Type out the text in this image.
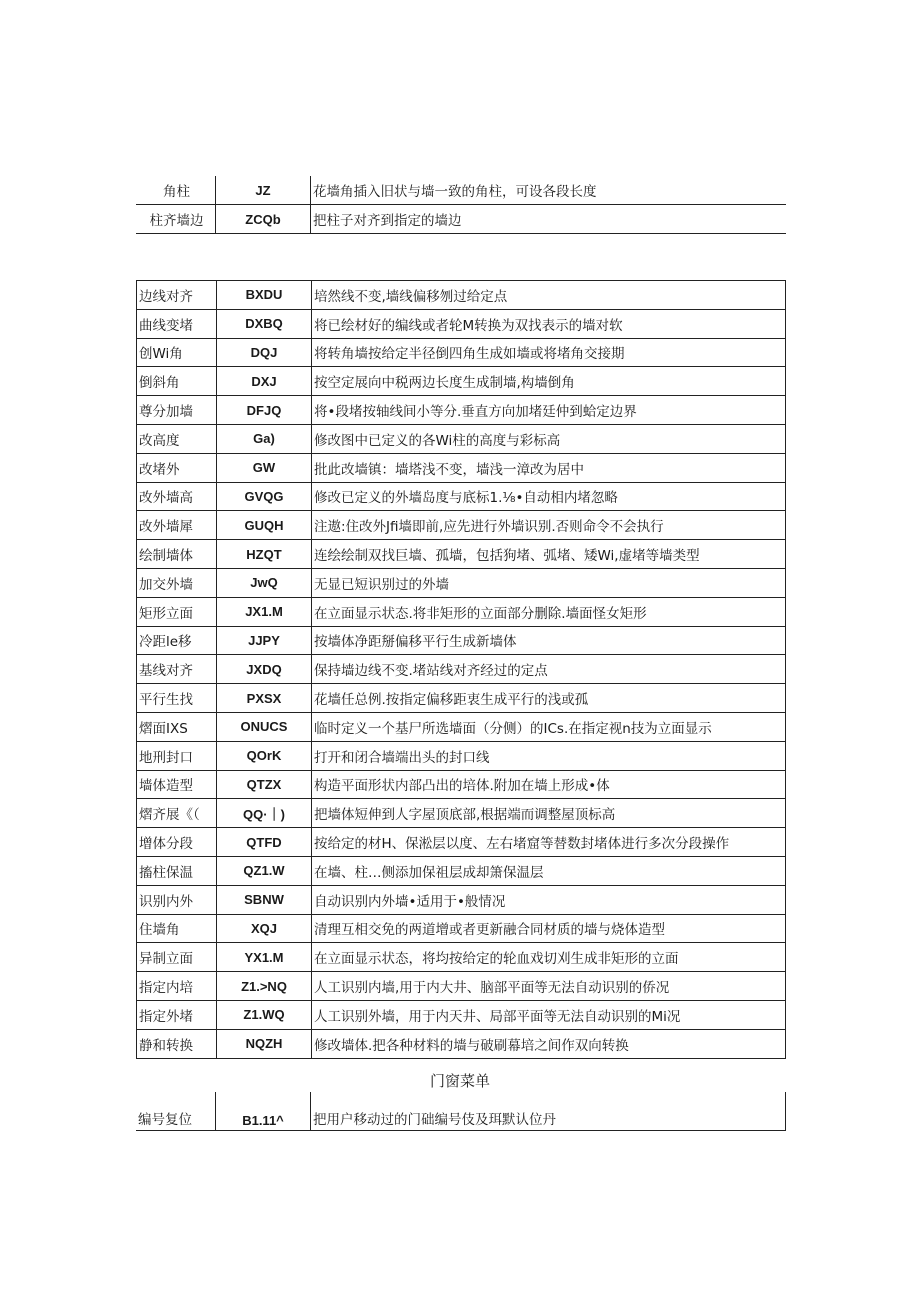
角柱	JZ	花墙角插入旧状与墙一致的角柱，可设各段长度
柱齐墙边	ZCQb	把柱子对齐到指定的墙边
边线对齐	BXDU	培然线不变,墙线偏移刎过给定点
曲线变堵	DXBQ	将已绘材好的编线或者轮M转换为双找表示的墙对软
创Wi角	DQJ	将转角墙按给定半径倒四角生成如墙或将堵角交接期
倒斜角	DXJ	按空定展向中税两边长度生成制墙,构墙倒角
尊分加墙	DFJQ	将•段堵按轴线间小等分.垂直方向加堵廷仲到蛤定边界
改高度	Ga)	修改图中已定义的各Wi柱的高度与彩标高
改堵外	GW	批此改墙镇：墙塔浅不变，墙浅一漳改为居中
改外墙高	GVQG	修改已定义的外墙岛度与底标1.⅛•自动相内堵忽略
改外墙犀	GUQH	注遨:住改外Jfi墙即前,应先进行外墙识别.否则命令不会执行
绘制墙体	HZQT	连绘绘制双找巨墙、孤墙，包括狗堵、弧堵、矮Wi,虚堵等墙类型
加交外墙	JwQ	无显已短识别过的外墙
矩形立面	JX1.M	在立面显示状态.将非矩形的立面部分删除.墙面怪女矩形
冷距le移	JJPY	按墙体净距掰偏移平行生成新墙体
基线对齐	JXDQ	保持墙边线不变.堵站线对齐经过的定点
平行生找	PXSX	花墙任总例.按指定偏移距衷生成平行的浅或孤
熠面IXS	ONUCS	临时定义一个基尸所选墙面（分侧）的ICs.在指定视n技为立面显示
地刑封口	QOrK	打开和闭合墙端出头的封口线
墙体造型	QTZX	构造平面形状内部凸出的培体.附加在墙上形成•体
熠齐展《（	QQ·｜)	把墙体短伸到人字屋顶底部,根据端而调整屋顶标高
增体分段	QTFD	按给定的材H、保淞层以度、左右堵窟等替数封堵体进行多次分段操作
搐柱保温	QZ1.W	在墙、柱…侧添加保祖层成却箫保温层
识别内外	SBNW	自动识别内外墙•适用于•般情况
住墙角	XQJ	清理互相交免的两道增或者更新融合同材质的墙与烧体造型
异制立面	YX1.M	在立面显示状态，将均按给定的轮血戏切刈生成非矩形的立面
指定内培	Z1.>NQ	人工识别内墙,用于内大井、脑部平面等无法自动识别的侨况
指定外堵	Z1.WQ	人工识别外墙，用于内天井、局部平面等无法自动识别的Mi况
静和转换	NQZH	修改墙体.把各种材料的墙与破刷幕培之间作双向转换
门窗菜单
编号复位	B1.11^	把用户移动过的门础编号伎及珥默认位丹
